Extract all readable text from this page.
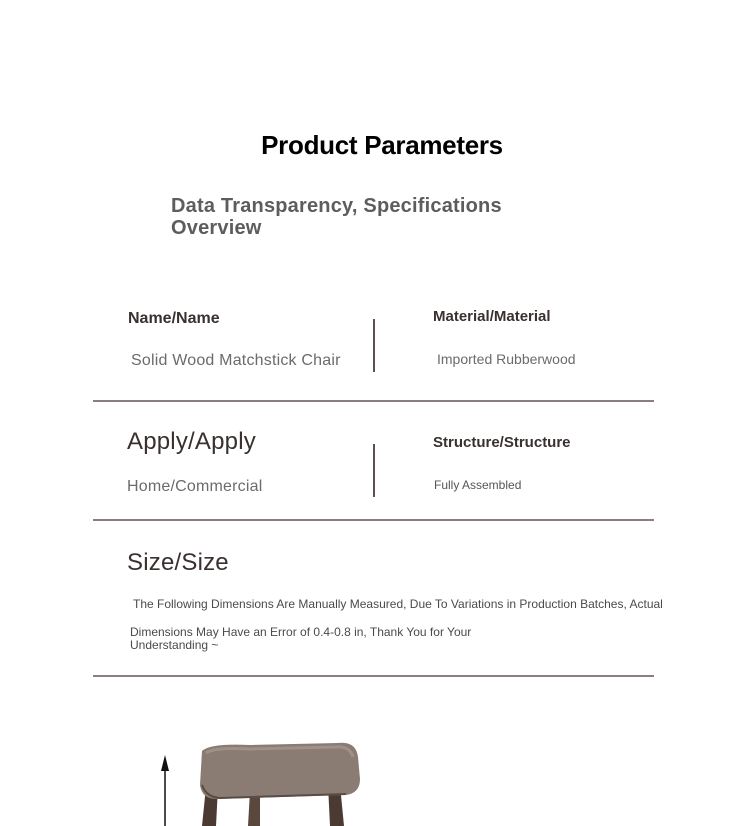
Product Parameters
Data Transparency, Specifications Overview
Name/Name
Solid Wood Matchstick Chair
Material/Material
Imported Rubberwood
Apply/Apply
Home/Commercial
Structure/Structure
Fully Assembled
Size/Size
The Following Dimensions Are Manually Measured, Due To Variations in Production Batches, Actual
Dimensions May Have an Error of 0.4-0.8 in, Thank You for Your Understanding ~
